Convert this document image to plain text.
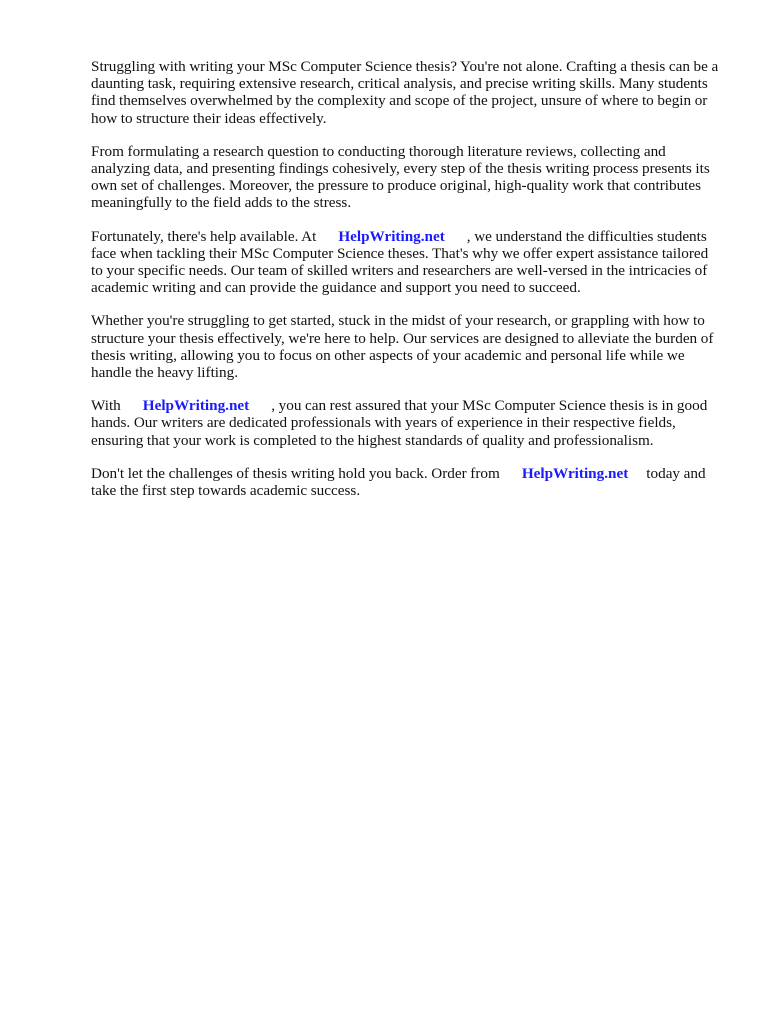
Struggling with writing your MSc Computer Science thesis? You're not alone. Crafting a thesis can be a daunting task, requiring extensive research, critical analysis, and precise writing skills. Many students find themselves overwhelmed by the complexity and scope of the project, unsure of where to begin or how to structure their ideas effectively.

From formulating a research question to conducting thorough literature reviews, collecting and analyzing data, and presenting findings cohesively, every step of the thesis writing process presents its own set of challenges. Moreover, the pressure to produce original, high-quality work that contributes meaningfully to the field adds to the stress.

Fortunately, there's help available. At HelpWriting.net , we understand the difficulties students face when tackling their MSc Computer Science theses. That's why we offer expert assistance tailored to your specific needs. Our team of skilled writers and researchers are well-versed in the intricacies of academic writing and can provide the guidance and support you need to succeed.

Whether you're struggling to get started, stuck in the midst of your research, or grappling with how to structure your thesis effectively, we're here to help. Our services are designed to alleviate the burden of thesis writing, allowing you to focus on other aspects of your academic and personal life while we handle the heavy lifting.

With HelpWriting.net , you can rest assured that your MSc Computer Science thesis is in good hands. Our writers are dedicated professionals with years of experience in their respective fields, ensuring that your work is completed to the highest standards of quality and professionalism.

Don't let the challenges of thesis writing hold you back. Order from HelpWriting.net today and take the first step towards academic success.
